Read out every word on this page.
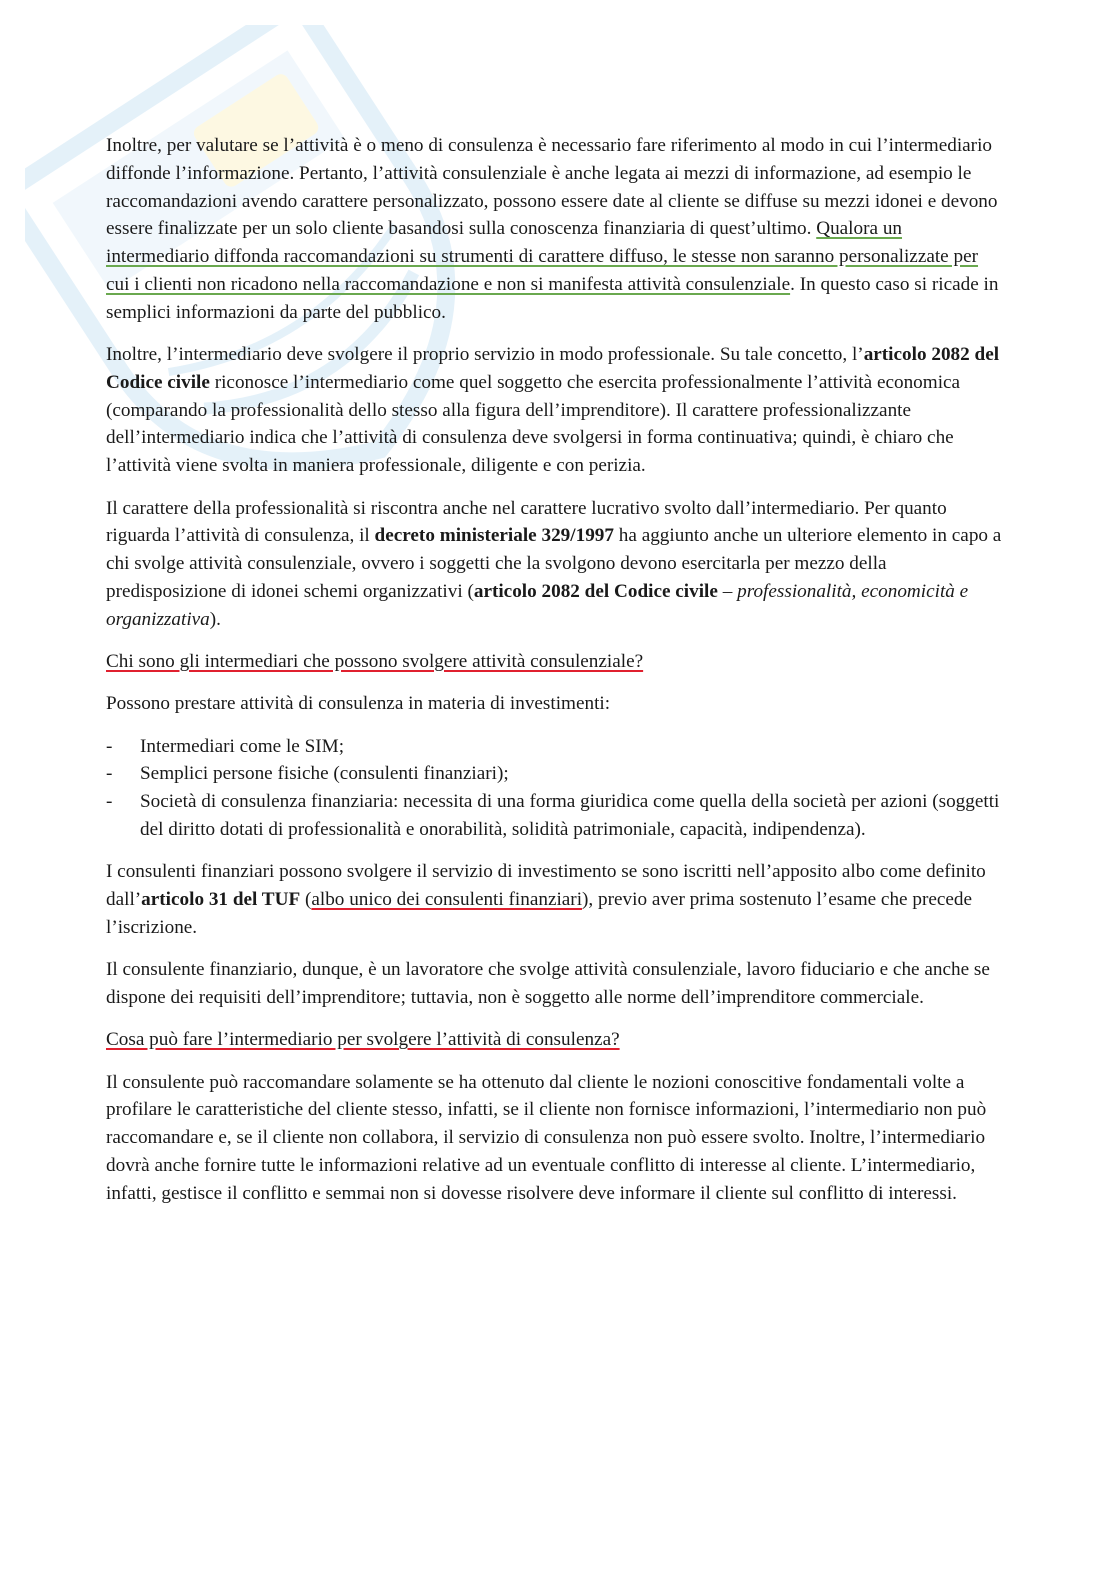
Inoltre, per valutare se l’attività è o meno di consulenza è necessario fare riferimento al modo in cui l’intermediario diffonde l’informazione. Pertanto, l’attività consulenziale è anche legata ai mezzi di informazione, ad esempio le raccomandazioni avendo carattere personalizzato, possono essere date al cliente se diffuse su mezzi idonei e devono essere finalizzate per un solo cliente basandosi sulla conoscenza finanziaria di quest’ultimo. Qualora un intermediario diffonda raccomandazioni su strumenti di carattere diffuso, le stesse non saranno personalizzate per cui i clienti non ricadono nella raccomandazione e non si manifesta attività consulenziale. In questo caso si ricade in semplici informazioni da parte del pubblico.

Inoltre, l’intermediario deve svolgere il proprio servizio in modo professionale. Su tale concetto, l’articolo 2082 del Codice civile riconosce l’intermediario come quel soggetto che esercita professionalmente l’attività economica (comparando la professionalità dello stesso alla figura dell’imprenditore). Il carattere professionalizzante dell’intermediario indica che l’attività di consulenza deve svolgersi in forma continuativa; quindi, è chiaro che l’attività viene svolta in maniera professionale, diligente e con perizia.

Il carattere della professionalità si riscontra anche nel carattere lucrativo svolto dall’intermediario. Per quanto riguarda l’attività di consulenza, il decreto ministeriale 329/1997 ha aggiunto anche un ulteriore elemento in capo a chi svolge attività consulenziale, ovvero i soggetti che la svolgono devono esercitarla per mezzo della predisposizione di idonei schemi organizzativi (articolo 2082 del Codice civile – professionalità, economicità e organizzativa).

Chi sono gli intermediari che possono svolgere attività consulenziale?

Possono prestare attività di consulenza in materia di investimenti:

- Intermediari come le SIM;
- Semplici persone fisiche (consulenti finanziari);
- Società di consulenza finanziaria: necessita di una forma giuridica come quella della società per azioni (soggetti del diritto dotati di professionalità e onorabilità, solidità patrimoniale, capacità, indipendenza).

I consulenti finanziari possono svolgere il servizio di investimento se sono iscritti nell’apposito albo come definito dall’articolo 31 del TUF (albo unico dei consulenti finanziari), previo aver prima sostenuto l’esame che precede l’iscrizione.

Il consulente finanziario, dunque, è un lavoratore che svolge attività consulenziale, lavoro fiduciario e che anche se dispone dei requisiti dell’imprenditore; tuttavia, non è soggetto alle norme dell’imprenditore commerciale.

Cosa può fare l’intermediario per svolgere l’attività di consulenza?

Il consulente può raccomandare solamente se ha ottenuto dal cliente le nozioni conoscitive fondamentali volte a profilare le caratteristiche del cliente stesso, infatti, se il cliente non fornisce informazioni, l’intermediario non può raccomandare e, se il cliente non collabora, il servizio di consulenza non può essere svolto. Inoltre, l’intermediario dovrà anche fornire tutte le informazioni relative ad un eventuale conflitto di interesse al cliente. L’intermediario, infatti, gestisce il conflitto e semmai non si dovesse risolvere deve informare il cliente sul conflitto di interessi.
